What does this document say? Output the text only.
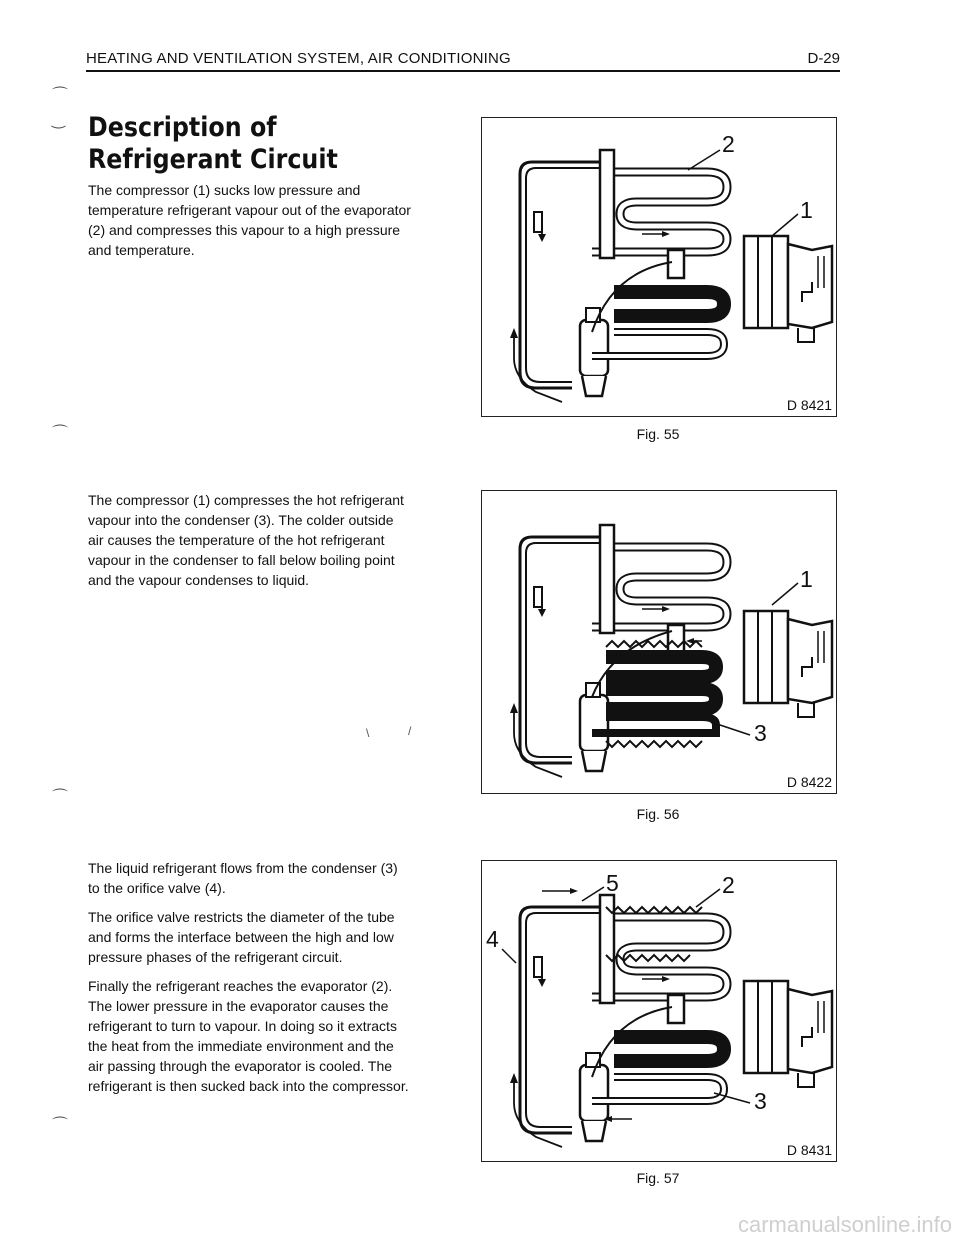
HEATING AND VENTILATION SYSTEM, AIR CONDITIONING	D-29
⌒
‿
⌒
⌒
⌒
Description of Refrigerant Circuit

The compressor (1) sucks low pressure and temperature refrigerant vapour out of the evaporator (2) and compresses this vapour to a high pressure and temperature.

The compressor (1) compresses the hot refrigerant vapour into the condenser (3). The colder outside air causes the temperature of the hot refrigerant vapour in the condenser to fall below boiling point and the vapour condenses to liquid.

\	/

The liquid refrigerant flows from the condenser (3) to the orifice valve (4).

The orifice valve restricts the diameter of the tube and forms the interface between the high and low pressure phases of the refrigerant circuit.

Finally the refrigerant reaches the evaporator (2). The lower pressure in the evaporator causes the refrigerant to turn to vapour. In doing so it extracts the heat from the immediate environment and the air passing through the evaporator is cooled. The refrigerant is then sucked back into the compressor.

2
1
D 8421
Fig. 55
1
3
D 8422
Fig. 56
5	2
4
3
D 8431
Fig. 57
carmanualsonline.info
